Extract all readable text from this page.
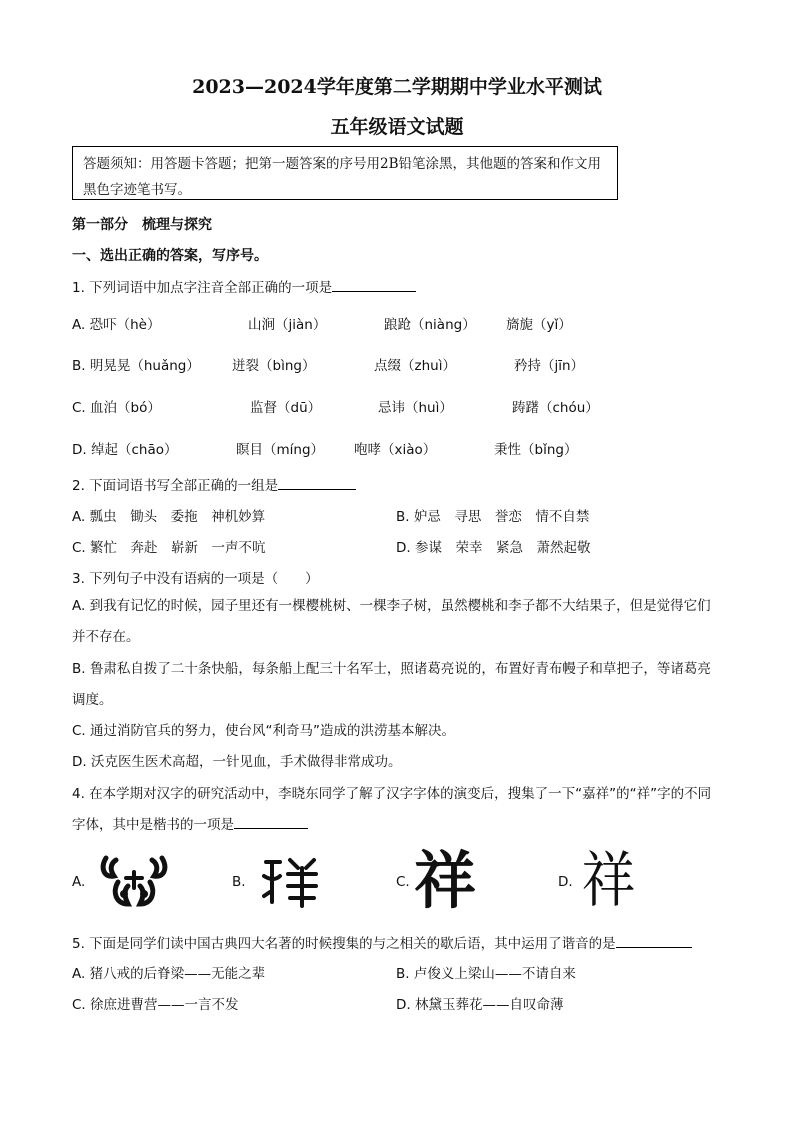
2023—2024学年度第二学期期中学业水平测试
五年级语文试题
答题须知：用答题卡答题；把第一题答案的序号用2B铅笔涂黑，其他题的答案和作文用黑色字迹笔书写。
第一部分　梳理与探究
一、选出正确的答案，写序号。
1. 下列词语中加点字注音全部正确的一项是
A. 恐吓（hè）	山涧（jiàn）	踉跄（niàng） 旖旎（yǐ）
B. 明晃晃（huǎng） 迸裂（bìng）	点缀（zhuì）	矜持（jīn）
C. 血泊（bó）	监督（dū）	忌讳（huì）	踌躇（chóu）
D. 绰起（chāo）	瞑目（míng） 咆哮（xiào）	秉性（bǐng）
2. 下面词语书写全部正确的一组是
A. 瓢虫　锄头　委拖　神机妙算	B. 妒忌　寻思　誉恋　情不自禁
C. 繁忙　奔赴　崭新　一声不吭	D. 参谋　荣幸　紧急　萧然起敬
3. 下列句子中没有语病的一项是（　　）
A. 到我有记忆的时候，园子里还有一棵樱桃树、一棵李子树，虽然樱桃和李子都不大结果子，但是觉得它们并不存在。
B. 鲁肃私自拨了二十条快船，每条船上配三十名军士，照诸葛亮说的，布置好青布幔子和草把子，等诸葛亮调度。
C. 通过消防官兵的努力，使台风“利奇马”造成的洪涝基本解决。
D. 沃克医生医术高超，一针见血，手术做得非常成功。
4. 在本学期对汉字的研究活动中，李晓东同学了解了汉字字体的演变后，搜集了一下“嘉祥”的“祥”字的不同字体，其中是楷书的一项是
A.	B.	C. 祥	D. 祥
5. 下面是同学们读中国古典四大名著的时候搜集的与之相关的歇后语，其中运用了谐音的是
A. 猪八戒的后脊梁——无能之辈	B. 卢俊义上梁山——不请自来
C. 徐庶进曹营——一言不发	D. 林黛玉葬花——自叹命薄
